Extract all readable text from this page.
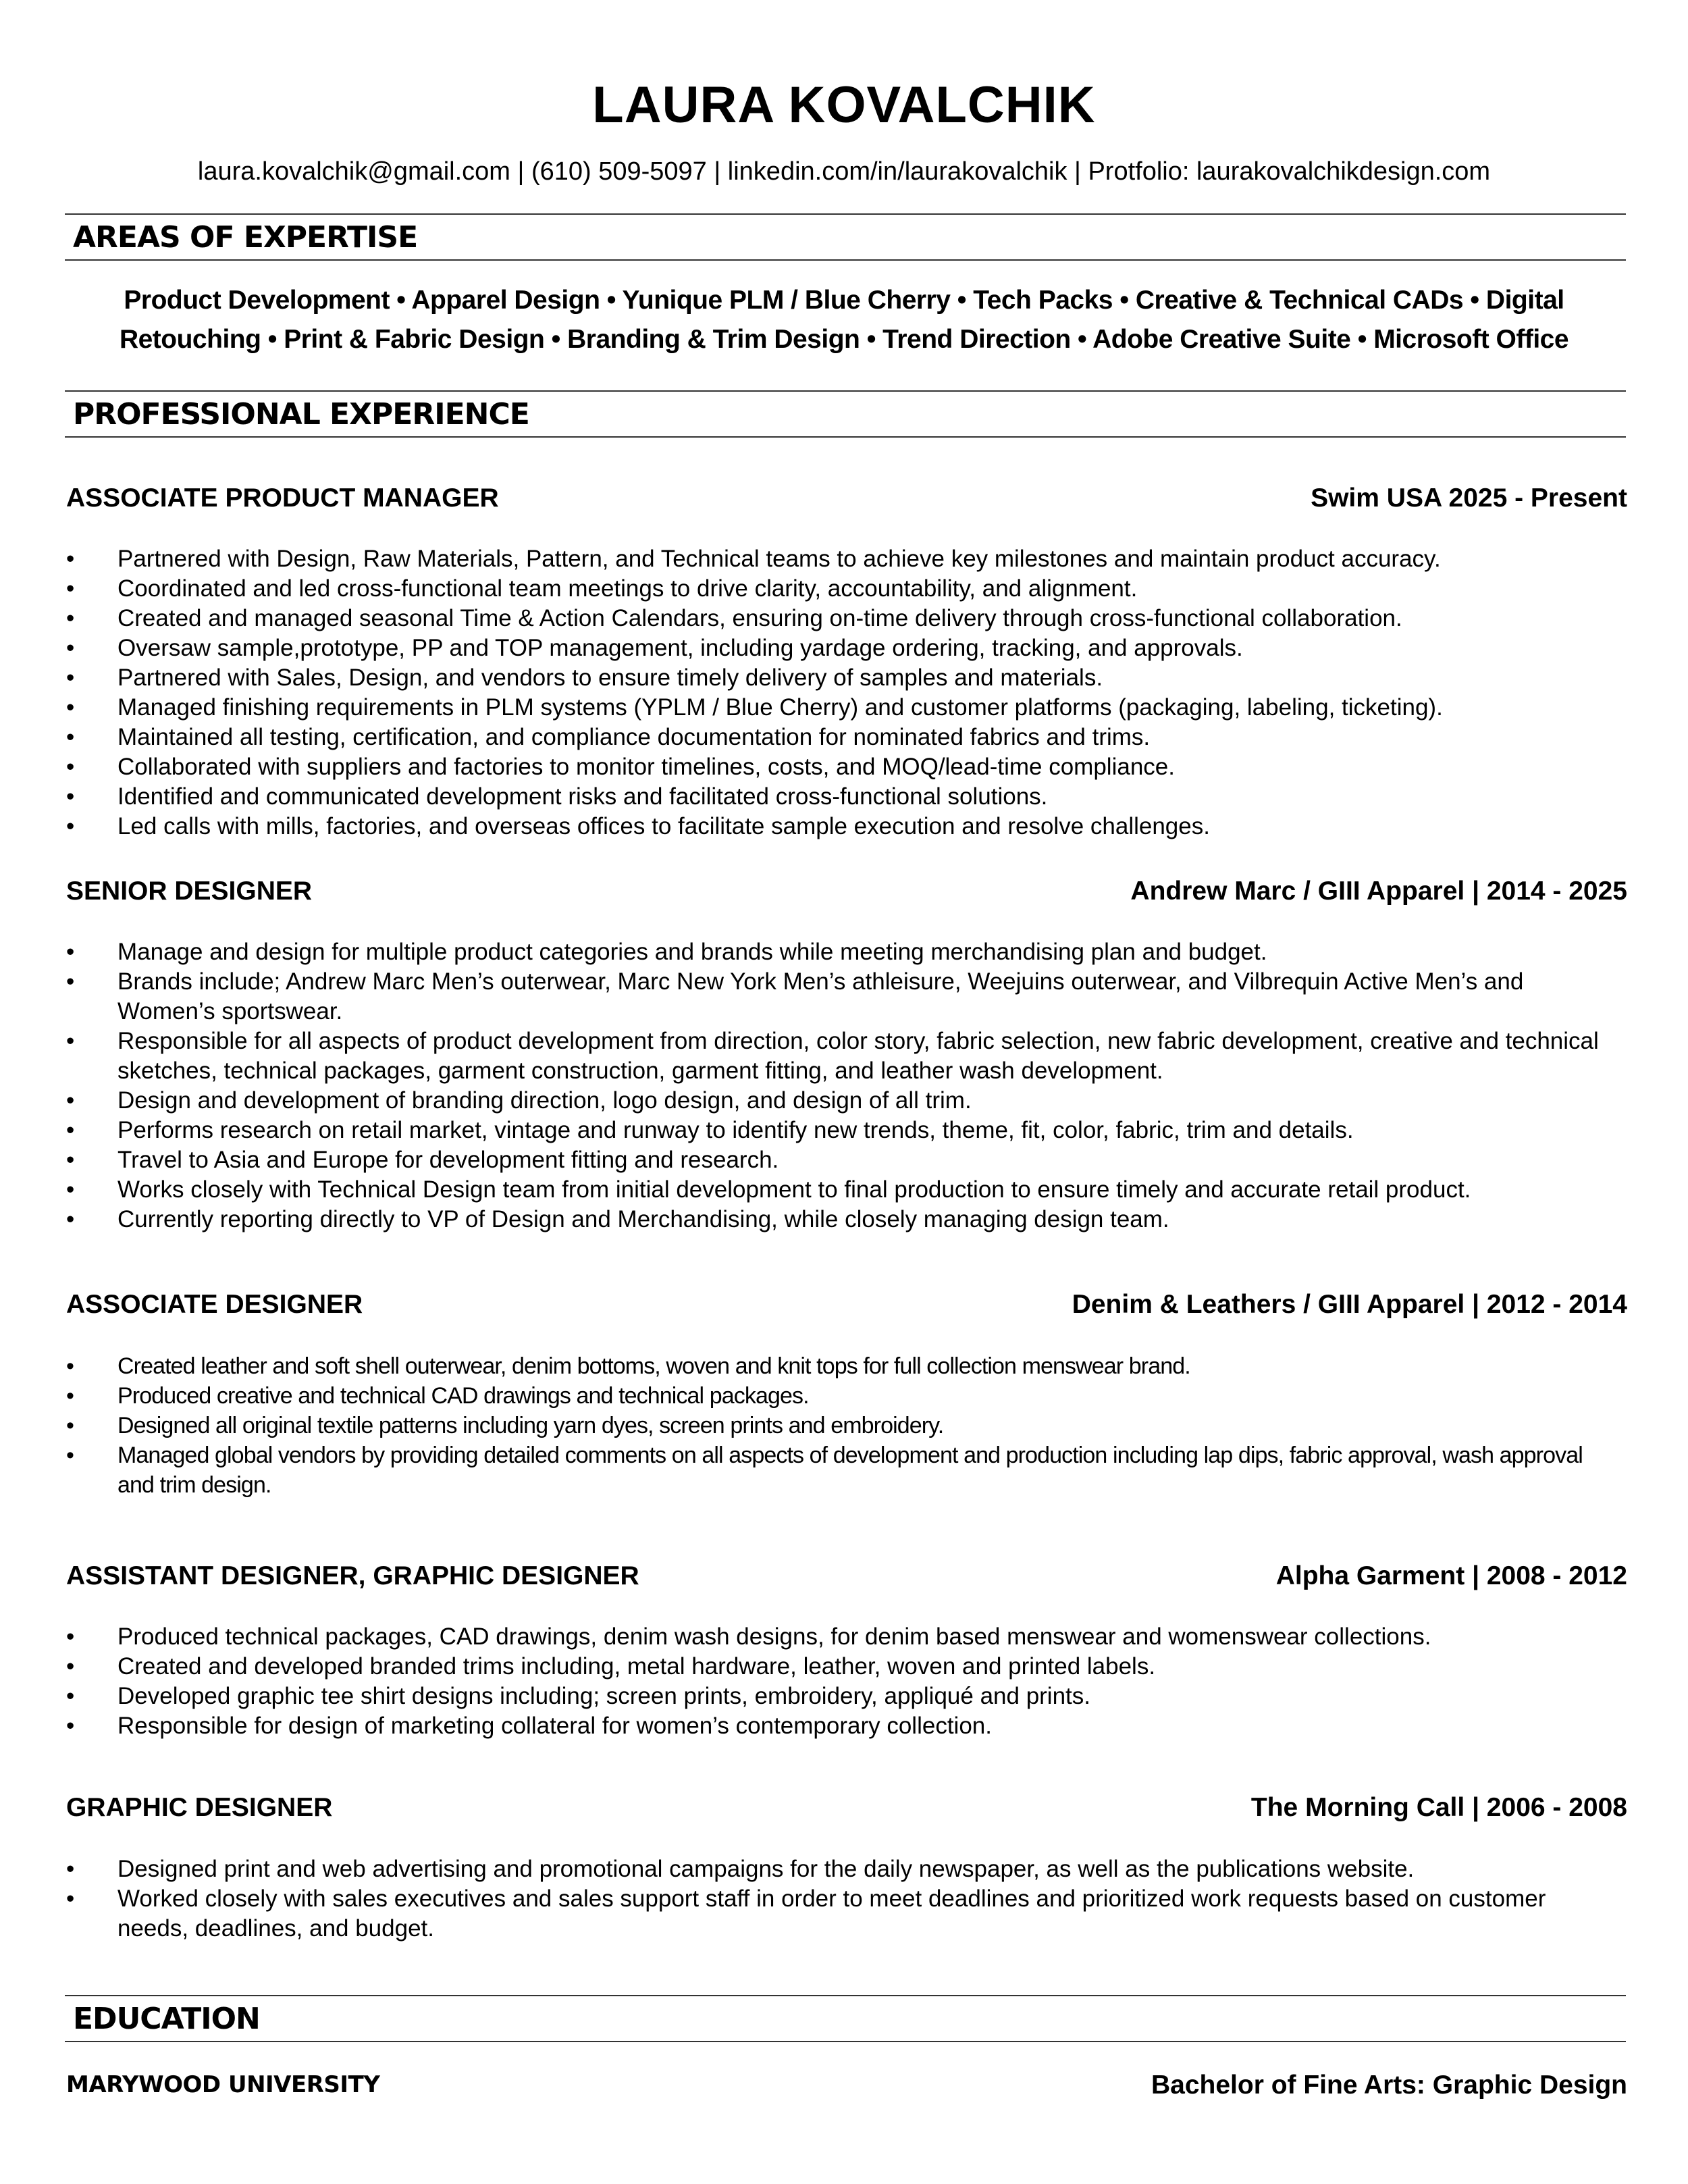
LAURA KOVALCHIK
laura.kovalchik@gmail.com | (610) 509-5097 | linkedin.com/in/laurakovalchik | Protfolio: laurakovalchikdesign.com
AREAS OF EXPERTISE
Product Development • Apparel Design • Yunique PLM / Blue Cherry • Tech Packs • Creative & Technical CADs • Digital Retouching • Print & Fabric Design • Branding & Trim Design • Trend Direction • Adobe Creative Suite • Microsoft Office
PROFESSIONAL EXPERIENCE
ASSOCIATE PRODUCT MANAGER	Swim USA 2025 - Present
• Partnered with Design, Raw Materials, Pattern, and Technical teams to achieve key milestones and maintain product accuracy.
• Coordinated and led cross-functional team meetings to drive clarity, accountability, and alignment.
• Created and managed seasonal Time & Action Calendars, ensuring on-time delivery through cross-functional collaboration.
• Oversaw sample,prototype, PP and TOP management, including yardage ordering, tracking, and approvals.
• Partnered with Sales, Design, and vendors to ensure timely delivery of samples and materials.
• Managed finishing requirements in PLM systems (YPLM / Blue Cherry) and customer platforms (packaging, labeling, ticketing).
• Maintained all testing, certification, and compliance documentation for nominated fabrics and trims.
• Collaborated with suppliers and factories to monitor timelines, costs, and MOQ/lead-time compliance.
• Identified and communicated development risks and facilitated cross-functional solutions.
• Led calls with mills, factories, and overseas offices to facilitate sample execution and resolve challenges.
SENIOR DESIGNER	Andrew Marc / GIII Apparel | 2014 - 2025
• Manage and design for multiple product categories and brands while meeting merchandising plan and budget.
• Brands include; Andrew Marc Men’s outerwear, Marc New York Men’s athleisure, Weejuins outerwear, and Vilbrequin Active Men’s and Women’s sportswear.
• Responsible for all aspects of product development from direction, color story, fabric selection, new fabric development, creative and technical sketches, technical packages, garment construction, garment fitting, and leather wash development.
• Design and development of branding direction, logo design, and design of all trim.
• Performs research on retail market, vintage and runway to identify new trends, theme, fit, color, fabric, trim and details.
• Travel to Asia and Europe for development fitting and research.
• Works closely with Technical Design team from initial development to final production to ensure timely and accurate retail product.
• Currently reporting directly to VP of Design and Merchandising, while closely managing design team.
ASSOCIATE DESIGNER	Denim & Leathers / GIII Apparel | 2012 - 2014
• Created leather and soft shell outerwear, denim bottoms, woven and knit tops for full collection menswear brand.
• Produced creative and technical CAD drawings and technical packages.
• Designed all original textile patterns including yarn dyes, screen prints and embroidery.
• Managed global vendors by providing detailed comments on all aspects of development and production including lap dips, fabric approval, wash approval and trim design.
ASSISTANT DESIGNER, GRAPHIC DESIGNER	Alpha Garment | 2008 - 2012
• Produced technical packages, CAD drawings, denim wash designs, for denim based menswear and womenswear collections.
• Created and developed branded trims including, metal hardware, leather, woven and printed labels.
• Developed graphic tee shirt designs including; screen prints, embroidery, appliqué and prints.
• Responsible for design of marketing collateral for women’s contemporary collection.
GRAPHIC DESIGNER	The Morning Call | 2006 - 2008
• Designed print and web advertising and promotional campaigns for the daily newspaper, as well as the publications website.
• Worked closely with sales executives and sales support staff in order to meet deadlines and prioritized work requests based on customer needs, deadlines, and budget.
EDUCATION
MARYWOOD UNIVERSITY	Bachelor of Fine Arts: Graphic Design
